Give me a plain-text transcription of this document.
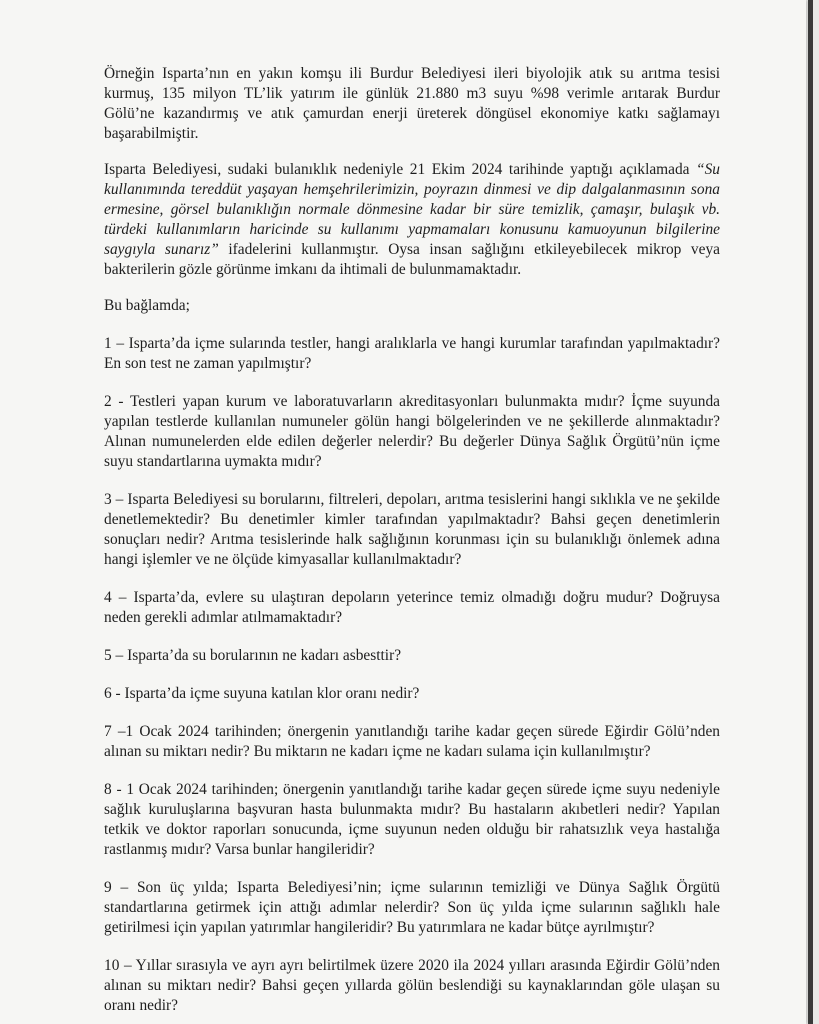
Örneğin Isparta’nın en yakın komşu ili Burdur Belediyesi ileri biyolojik atık su arıtma tesisi kurmuş, 135 milyon TL’lik yatırım ile günlük 21.880 m3 suyu %98 verimle arıtarak Burdur Gölü’ne kazandırmış ve atık çamurdan enerji üreterek döngüsel ekonomiye katkı sağlamayı başarabilmiştir.

Isparta Belediyesi, sudaki bulanıklık nedeniyle 21 Ekim 2024 tarihinde yaptığı açıklamada “Su kullanımında tereddüt yaşayan hemşehrilerimizin, poyrazın dinmesi ve dip dalgalanmasının sona ermesine, görsel bulanıklığın normale dönmesine kadar bir süre temizlik, çamaşır, bulaşık vb. türdeki kullanımların haricinde su kullanımı yapmamaları konusunu kamuoyunun bilgilerine saygıyla sunarız” ifadelerini kullanmıştır. Oysa insan sağlığını etkileyebilecek mikrop veya bakterilerin gözle görünme imkanı da ihtimali de bulunmamaktadır.

Bu bağlamda;

1 – Isparta’da içme sularında testler, hangi aralıklarla ve hangi kurumlar tarafından yapılmaktadır? En son test ne zaman yapılmıştır?

2 - Testleri yapan kurum ve laboratuvarların akreditasyonları bulunmakta mıdır? İçme suyunda yapılan testlerde kullanılan numuneler gölün hangi bölgelerinden ve ne şekillerde alınmaktadır? Alınan numunelerden elde edilen değerler nelerdir? Bu değerler Dünya Sağlık Örgütü’nün içme suyu standartlarına uymakta mıdır?

3 – Isparta Belediyesi su borularını, filtreleri, depoları, arıtma tesislerini hangi sıklıkla ve ne şekilde denetlemektedir? Bu denetimler kimler tarafından yapılmaktadır? Bahsi geçen denetimlerin sonuçları nedir? Arıtma tesislerinde halk sağlığının korunması için su bulanıklığı önlemek adına hangi işlemler ve ne ölçüde kimyasallar kullanılmaktadır?

4 – Isparta’da, evlere su ulaştıran depoların yeterince temiz olmadığı doğru mudur? Doğruysa neden gerekli adımlar atılmamaktadır?

5 – Isparta’da su borularının ne kadarı asbesttir?

6 - Isparta’da içme suyuna katılan klor oranı nedir?

7 –1 Ocak 2024 tarihinden; önergenin yanıtlandığı tarihe kadar geçen sürede Eğirdir Gölü’nden alınan su miktarı nedir? Bu miktarın ne kadarı içme ne kadarı sulama için kullanılmıştır?

8 - 1 Ocak 2024 tarihinden; önergenin yanıtlandığı tarihe kadar geçen sürede içme suyu nedeniyle sağlık kuruluşlarına başvuran hasta bulunmakta mıdır? Bu hastaların akıbetleri nedir? Yapılan tetkik ve doktor raporları sonucunda, içme suyunun neden olduğu bir rahatsızlık veya hastalığa rastlanmış mıdır? Varsa bunlar hangileridir?

9 – Son üç yılda; Isparta Belediyesi’nin; içme sularının temizliği ve Dünya Sağlık Örgütü standartlarına getirmek için attığı adımlar nelerdir? Son üç yılda içme sularının sağlıklı hale getirilmesi için yapılan yatırımlar hangileridir? Bu yatırımlara ne kadar bütçe ayrılmıştır?

10 – Yıllar sırasıyla ve ayrı ayrı belirtilmek üzere 2020 ila 2024 yılları arasında Eğirdir Gölü’nden alınan su miktarı nedir? Bahsi geçen yıllarda gölün beslendiği su kaynaklarından göle ulaşan su oranı nedir?
